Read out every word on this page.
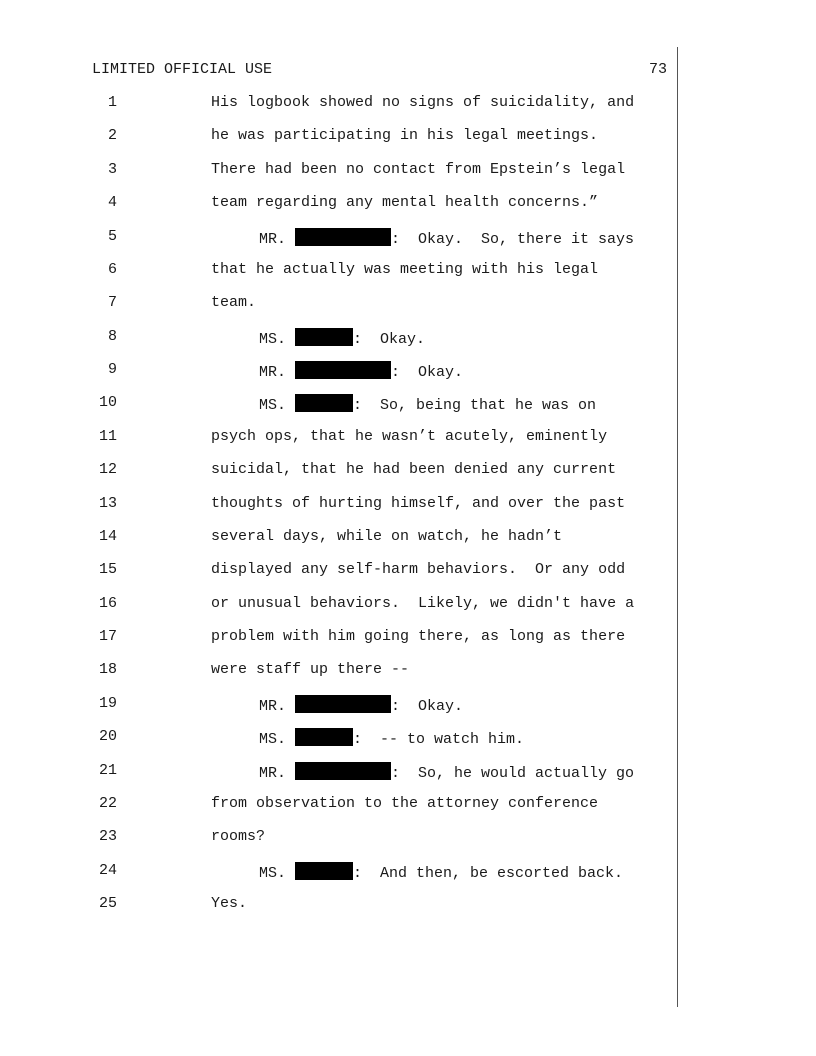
LIMITED OFFICIAL USE	73
1	His logbook showed no signs of suicidality, and
2	he was participating in his legal meetings.
3	There had been no contact from Epstein’s legal
4	team regarding any mental health concerns.”
5	MR.	:  Okay.  So, there it says
6	that he actually was meeting with his legal
7	team.
8	MS.	:  Okay.
9	MR.	:  Okay.
10	MS.	:  So, being that he was on
11	psych ops, that he wasn’t acutely, eminently
12	suicidal, that he had been denied any current
13	thoughts of hurting himself, and over the past
14	several days, while on watch, he hadn’t
15	displayed any self-harm behaviors.  Or any odd
16	or unusual behaviors.  Likely, we didn't have a
17	problem with him going there, as long as there
18	were staff up there --
19	MR.	:  Okay.
20	MS.	:  -- to watch him.
21	MR.	:  So, he would actually go
22	from observation to the attorney conference
23	rooms?
24	MS.	:  And then, be escorted back.
25	Yes.
